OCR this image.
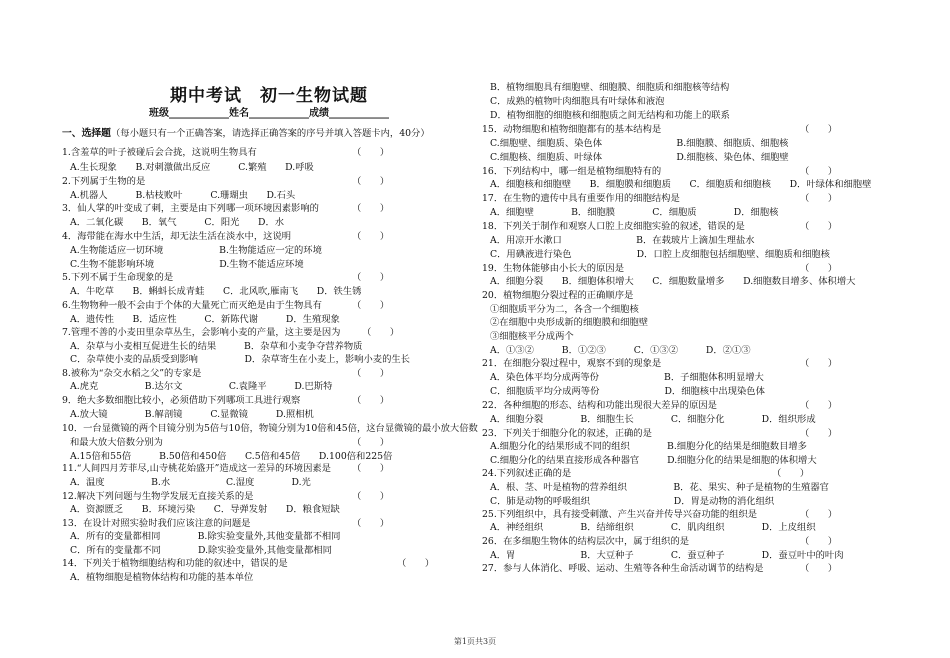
期中考试　初一生物试题
班级____________姓名____________成绩____________
一、选择题（每小题只有一个正确答案，请选择正确答案的序号并填入答题卡内，40分）
1.含羞草的叶子被碰后会合拢，这说明生物具有	（　　）
A.生长现象　　B.对刺激做出反应　　　C.繁殖　　D.呼吸
2.下列属于生物的是	（　　）
A.机器人　　　B.枯枝败叶　　　C.珊瑚虫　　D.石头
3．仙人掌的叶变成了刺，主要是由下列哪一项环境因素影响的	（　　）
A．二氧化碳　　B．氧气　　　C．阳光　　D．水
4．海带能在海水中生活，却无法生活在淡水中，这说明	（　　）
A.生物能适应一切环境　　　　　　B.生物能适应一定的环境
C.生物不能影响环境　　　　　　　D.生物不能适应环境
5.下列不属于生命现象的是	（　　）
A．牛吃草　　B．蝌蚪长成青蛙　　C．北风吹,雁南飞　　D．铁生锈
6.生物物种一般不会由于个体的大量死亡而灭绝是由于生物具有	（　　）
A．遗传性　　B．适应性　　　C．新陈代谢　　　D．生殖现象
7.管理不善的小麦田里杂草丛生，会影响小麦的产量，这主要是因为 （　　）
A．杂草与小麦相互促进生长的结果　　　B．杂草和小麦争夺营养物质
C．杂草使小麦的品质受到影响　　　　　D．杂草寄生在小麦上，影响小麦的生长
8.被称为“杂交水稻之父”的专家是	（　　）
A.虎克　　　　　B.达尔文　　　　　C.袁隆平　　　D.巴斯特
9．绝大多数细胞比较小，必须借助下列哪项工具进行观察	（　　）
A.放大镜　　　　B.解剖镜　　　C.显微镜　　　D.照相机
10．一台显微镜的两个目镜分别为5倍与10倍，物镜分别为10倍和45倍，这台显微镜的最小放大倍数
和最大放大倍数分别为	（　　）
A.15倍和55倍　　　B.50倍和450倍　　C.5倍和45倍　　D.100倍和225倍
11.“人间四月芳菲尽,山寺桃花始盛开”造成这一差异的环境因素是 （　　）
A．温度　　　　　B.水　　　　　　C.湿度　　　　D.光
12.解决下列问题与生物学发展无直接关系的是	（　　）
A．资源匮乏　　B．环境污染　　C．导弹发射　　D．粮食短缺
13．在设计对照实验时我们应该注意的问题是	（　　）
A．所有的变量都相同　　　　B.除实验变量外,其他变量都不相同
C．所有的变量都不同　　　　D.除实验变量外,其他变量都相同
14．下列关于植物细胞结构和功能的叙述中，错误的是	（　　）
A．植物细胞是植物体结构和功能的基本单位
B．植物细胞具有细胞壁、细胞膜、细胞质和细胞核等结构
C．成熟的植物叶肉细胞具有叶绿体和液泡
D．植物细胞的细胞核和细胞质之间无结构和功能上的联系
15．动物细胞和植物细胞都有的基本结构是	（　　）
C.细胞壁、细胞质、染色体　　　　　　　　B.细胞膜、细胞质、细胞核
C.细胞核、细胞质、叶绿体　　　　　　　　D.细胞核、染色体、细胞壁
16．下列结构中，哪一组是植物细胞特有的	（　　）
A．细胞核和细胞壁　　B．细胞膜和细胞质　　C．细胞质和细胞核　　D．叶绿体和细胞壁
17．在生物的遗传中具有重要作用的细胞结构是	（　　）
A．细胞壁　　　　B．细胞膜　　　　C．细胞质　　　　D．细胞核
18．下列关于制作和观察人口腔上皮细胞实验的叙述，错误的是	（　　）
A．用凉开水漱口　　　　　　　　B．在载玻片上滴加生理盐水
C．用碘液进行染色　　　　　　　D．口腔上皮细胞包括细胞壁、细胞质和细胞核
19．生物体能够由小长大的原因是	（　　）
A．细胞分裂　　B．细胞体积增大　　C．细胞数量增多　　D.细胞数目增多、体积增大
20．植物细胞分裂过程的正确顺序是
①细胞质平分为二，各含一个细胞核
②在细胞中央形成新的细胞膜和细胞壁
③细胞核平分成两个
A．①③②　　　B．①②③　　　C．①③②　　　D．②①③
21．在细胞分裂过程中，观察不到的现象是	（　　）
A．染色体平均分成两等份　　　　　　　B．子细胞体积明显增大
C．细胞质平均分成两等份　　　　　　　D．细胞核中出现染色体
22．各种细胞的形态、结构和功能出现很大差异的原因是	（　　）
A．细胞分裂　　　　B．细胞生长　　　　C．细胞分化　　　　D．组织形成
23．下列关于细胞分化的叙述，正确的是	（　　）
A.细胞分化的结果形成不同的组织　　　　B.细胞分化的结果是细胞数目增多
C.细胞分化的结果直接形成各种器官　　　D.细胞分化的结果是细胞的体积增大
24.下列叙述正确的是	（　　）
A．根、茎、叶是植物的营养组织　　　　　B．花、果实、种子是植物的生殖器官
C．肺是动物的呼吸组织　　　　　　　　　D．胃是动物的消化组织
25.下列组织中，具有接受刺激、产生兴奋并传导兴奋功能的组织是	（　　）
A．神经组织　　　　B．结缔组织　　　　C．肌肉组织　　　　D．上皮组织
26．在多细胞生物体的结构层次中，属于组织的是	（　　）
A．胃　　　　　　　B．大豆种子　　　　C．蚕豆种子　　　　D．蚕豆叶中的叶肉
27．参与人体消化、呼吸、运动、生殖等各种生命活动调节的结构是	（　　）
第1页共3页
